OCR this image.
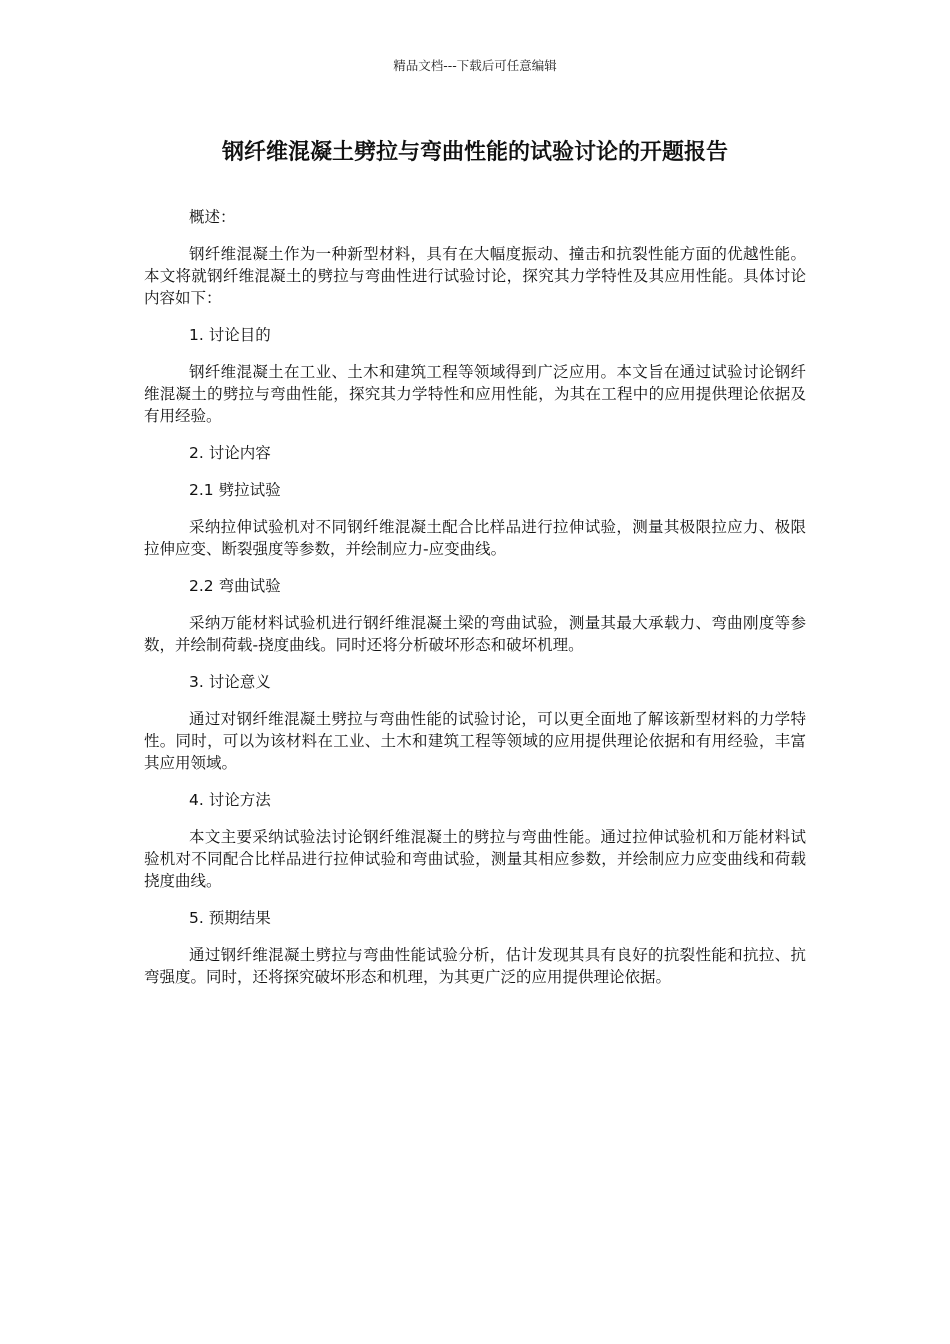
精品文档---下载后可任意编辑
钢纤维混凝土劈拉与弯曲性能的试验讨论的开题报告
概述：

钢纤维混凝土作为一种新型材料，具有在大幅度振动、撞击和抗裂性能方面的优越性能。本文将就钢纤维混凝土的劈拉与弯曲性进行试验讨论，探究其力学特性及其应用性能。具体讨论内容如下：

1. 讨论目的

钢纤维混凝土在工业、土木和建筑工程等领域得到广泛应用。本文旨在通过试验讨论钢纤维混凝土的劈拉与弯曲性能，探究其力学特性和应用性能，为其在工程中的应用提供理论依据及有用经验。

2. 讨论内容
2.1 劈拉试验

采纳拉伸试验机对不同钢纤维混凝土配合比样品进行拉伸试验，测量其极限拉应力、极限拉伸应变、断裂强度等参数，并绘制应力-应变曲线。

2.2 弯曲试验

采纳万能材料试验机进行钢纤维混凝土梁的弯曲试验，测量其最大承载力、弯曲刚度等参数，并绘制荷载-挠度曲线。同时还将分析破坏形态和破坏机理。

3. 讨论意义

通过对钢纤维混凝土劈拉与弯曲性能的试验讨论，可以更全面地了解该新型材料的力学特性。同时，可以为该材料在工业、土木和建筑工程等领域的应用提供理论依据和有用经验，丰富其应用领域。

4. 讨论方法

本文主要采纳试验法讨论钢纤维混凝土的劈拉与弯曲性能。通过拉伸试验机和万能材料试验机对不同配合比样品进行拉伸试验和弯曲试验，测量其相应参数，并绘制应力应变曲线和荷载挠度曲线。

5. 预期结果

通过钢纤维混凝土劈拉与弯曲性能试验分析，估计发现其具有良好的抗裂性能和抗拉、抗弯强度。同时，还将探究破坏形态和机理，为其更广泛的应用提供理论依据。
